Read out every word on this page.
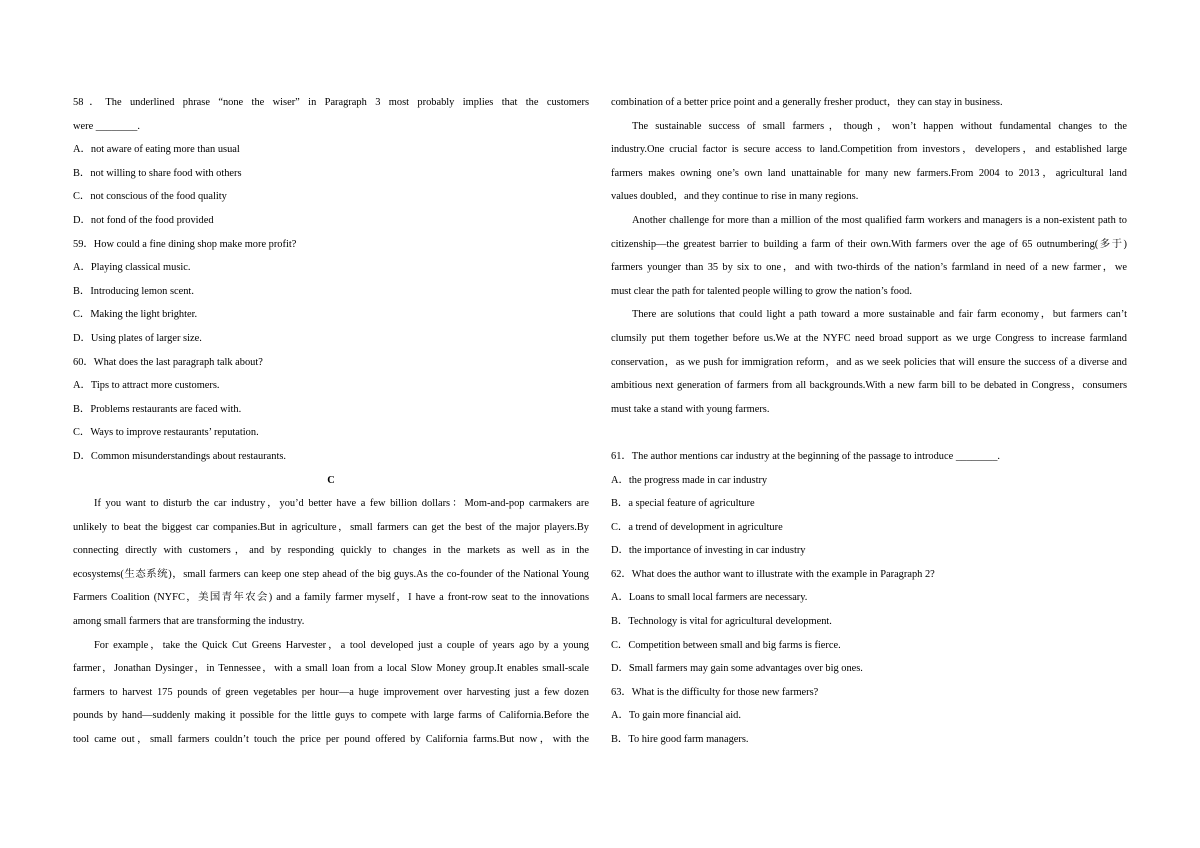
58．The underlined phrase “none the wiser” in Paragraph 3 most probably implies that the customers
were ________.
A．not aware of eating more than usual
B．not willing to share food with others
C．not conscious of the food quality
D．not fond of the food provided
59．How could a fine dining shop make more profit?
A．Playing classical music.
B．Introducing lemon scent.
C．Making the light brighter.
D．Using plates of larger size.
60．What does the last paragraph talk about?
A．Tips to attract more customers.
B．Problems restaurants are faced with.
C．Ways to improve restaurants’ reputation.
D．Common misunderstandings about restaurants.
C
If you want to disturb the car industry，you’d better have a few billion dollars：Mom-and-pop carmakers are
unlikely to beat the biggest car companies.But in agriculture，small farmers can get the best of the major players.By
connecting directly with customers，and by responding quickly to changes in the markets as well as in the
ecosystems(生态系统)，small farmers can keep one step ahead of the big guys.As the co-founder of the National Young
Farmers Coalition (NYFC，美国青年农会) and a family farmer myself，I have a front-row seat to the innovations
among small farmers that are transforming the industry.
For example，take the Quick Cut Greens Harvester，a tool developed just a couple of years ago by a young
farmer，Jonathan Dysinger，in Tennessee，with a small loan from a local Slow Money group.It enables small-scale
farmers to harvest 175 pounds of green vegetables per hour—a huge improvement over harvesting just a few dozen
pounds by hand—suddenly making it possible for the little guys to compete with large farms of California.Before the
tool came out，small farmers couldn’t touch the price per pound offered by California farms.But now，with the
combination of a better price point and a generally fresher product，they can stay in business.
The sustainable success of small farmers，though，won’t happen without fundamental changes to the
industry.One crucial factor is secure access to land.Competition from investors，developers，and established large
farmers makes owning one’s own land unattainable for many new farmers.From 2004 to 2013，agricultural land
values doubled，and they continue to rise in many regions.
Another challenge for more than a million of the most qualified farm workers and managers is a non-existent path to
citizenship—the greatest barrier to building a farm of their own.With farmers over the age of 65 outnumbering(多于)
farmers younger than 35 by six to one，and with two-thirds of the nation’s farmland in need of a new farmer，we
must clear the path for talented people willing to grow the nation’s food.
There are solutions that could light a path toward a more sustainable and fair farm economy，but farmers can’t
clumsily put them together before us.We at the NYFC need broad support as we urge Congress to increase farmland
conservation，as we push for immigration reform，and as we seek policies that will ensure the success of a diverse and
ambitious next generation of farmers from all backgrounds.With a new farm bill to be debated in Congress，consumers
must take a stand with young farmers.
61．The author mentions car industry at the beginning of the passage to introduce ________.
A．the progress made in car industry
B．a special feature of agriculture
C．a trend of development in agriculture
D．the importance of investing in car industry
62．What does the author want to illustrate with the example in Paragraph 2?
A．Loans to small local farmers are necessary.
B．Technology is vital for agricultural development.
C．Competition between small and big farms is fierce.
D．Small farmers may gain some advantages over big ones.
63．What is the difficulty for those new farmers?
A．To gain more financial aid.
B．To hire good farm managers.
